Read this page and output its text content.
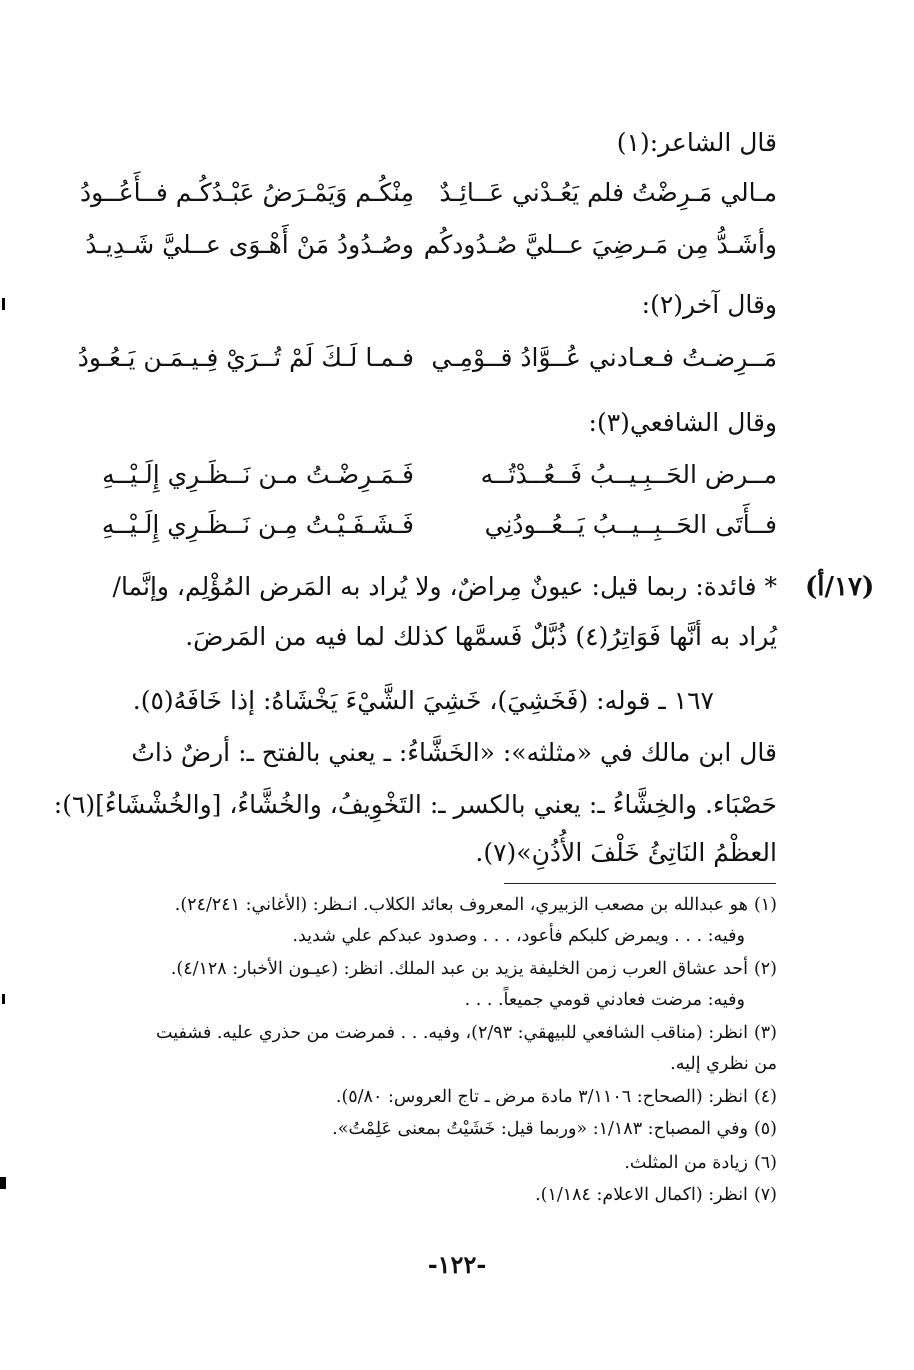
قال الشاعر:(١)
مـالي مَـرِضْتُ فلم يَعُـدْني عَــائِـدٌ
مِنْكُـم وَيَمْـرَضُ عَبْـدُكُـم فــأَعُــودُ
وأشَـدُّ مِن مَـرضِيَ عــليَّ صُـدُودكُم
وصُـدُودُ مَنْ أَهْـوَى عــليَّ شَـدِيـدُ
وقال آخر(٢):
مَــرِضـتُ فـعـادني عُــوَّادُ قــوْمِـي
فـمـا لَـكَ لَمْ تُــرَيْ فِـيـمَـن يَـعُـودُ
وقال الشافعي(٣):
مــرض الحَــبِـيــبُ فَــعُــدْتُــه
فَـمَـرِضْـتُ مـن نَــظَـرِي إِلَـيْــهِ
فــأَتَى الحَــبِــيــبُ يَــعُــودُنِي
فَـشَـفَـيْـتُ مِـن نَــظَـرِي إِلَـيْــهِ
(١٧/أ)
* فائدة: ربما قيل: عيونٌ مِراضٌ، ولا يُراد به المَرض المُؤْلِم، وإنَّما/
يُراد به أنَّها فَوَاتِرُ(٤) ذُبَّلٌ فَسمَّها كذلك لما فيه من المَرضَ.
١٦٧ ـ قوله: (فَخَشِيَ)، خَشِيَ الشَّيْءَ يَخْشَاهُ: إذا خَافَهُ(٥).
قال ابن مالك في «مثلثه»: «الخَشَّاءُ: ـ يعني بالفتح ـ: أرضٌ ذاتُ
حَصْبَاء. والخِشَّاءُ ـ: يعني بالكسر ـ: التَخْوِيفُ، والخُشَّاءُ، [والخُشْشَاءُ](٦):
العظْمُ النَاتِئُ خَلْفَ الأُذُنِ»(٧).
(١)هو عبدالله بن مصعب الزبيري، المعروف بعائد الكلاب. انـظر: (الأغاني: ٢٤/٢٤١).
وفيه: . . . ويمرض كلبكم فأعود، . . . وصدود عبدكم علي شديد.
(٢)أحد عشاق العرب زمن الخليفة يزيد بن عبد الملك. انظر: (عيـون الأخبار: ٤/١٢٨).
وفيه: مرضت فعادني قومي جميعاً. . . .
(٣)انظر: (مناقب الشافعي للبيهقي: ٢/٩٣)، وفيه. . . فمرضت من حذري عليه. فشفيت
من نظري إليه.
(٤)انظر: (الصحاح: ٣/١١٠٦ مادة مرض ـ تاج العروس: ٥/٨٠).
(٥)وفي المصباح: ١/١٨٣: «وربما قيل: خَشَيْتُ بمعنى عَلِمْتُ».
(٦)زيادة من المثلث.
(٧)انظر: (اكمال الاعلام: ١/١٨٤).
-١٢٢-
